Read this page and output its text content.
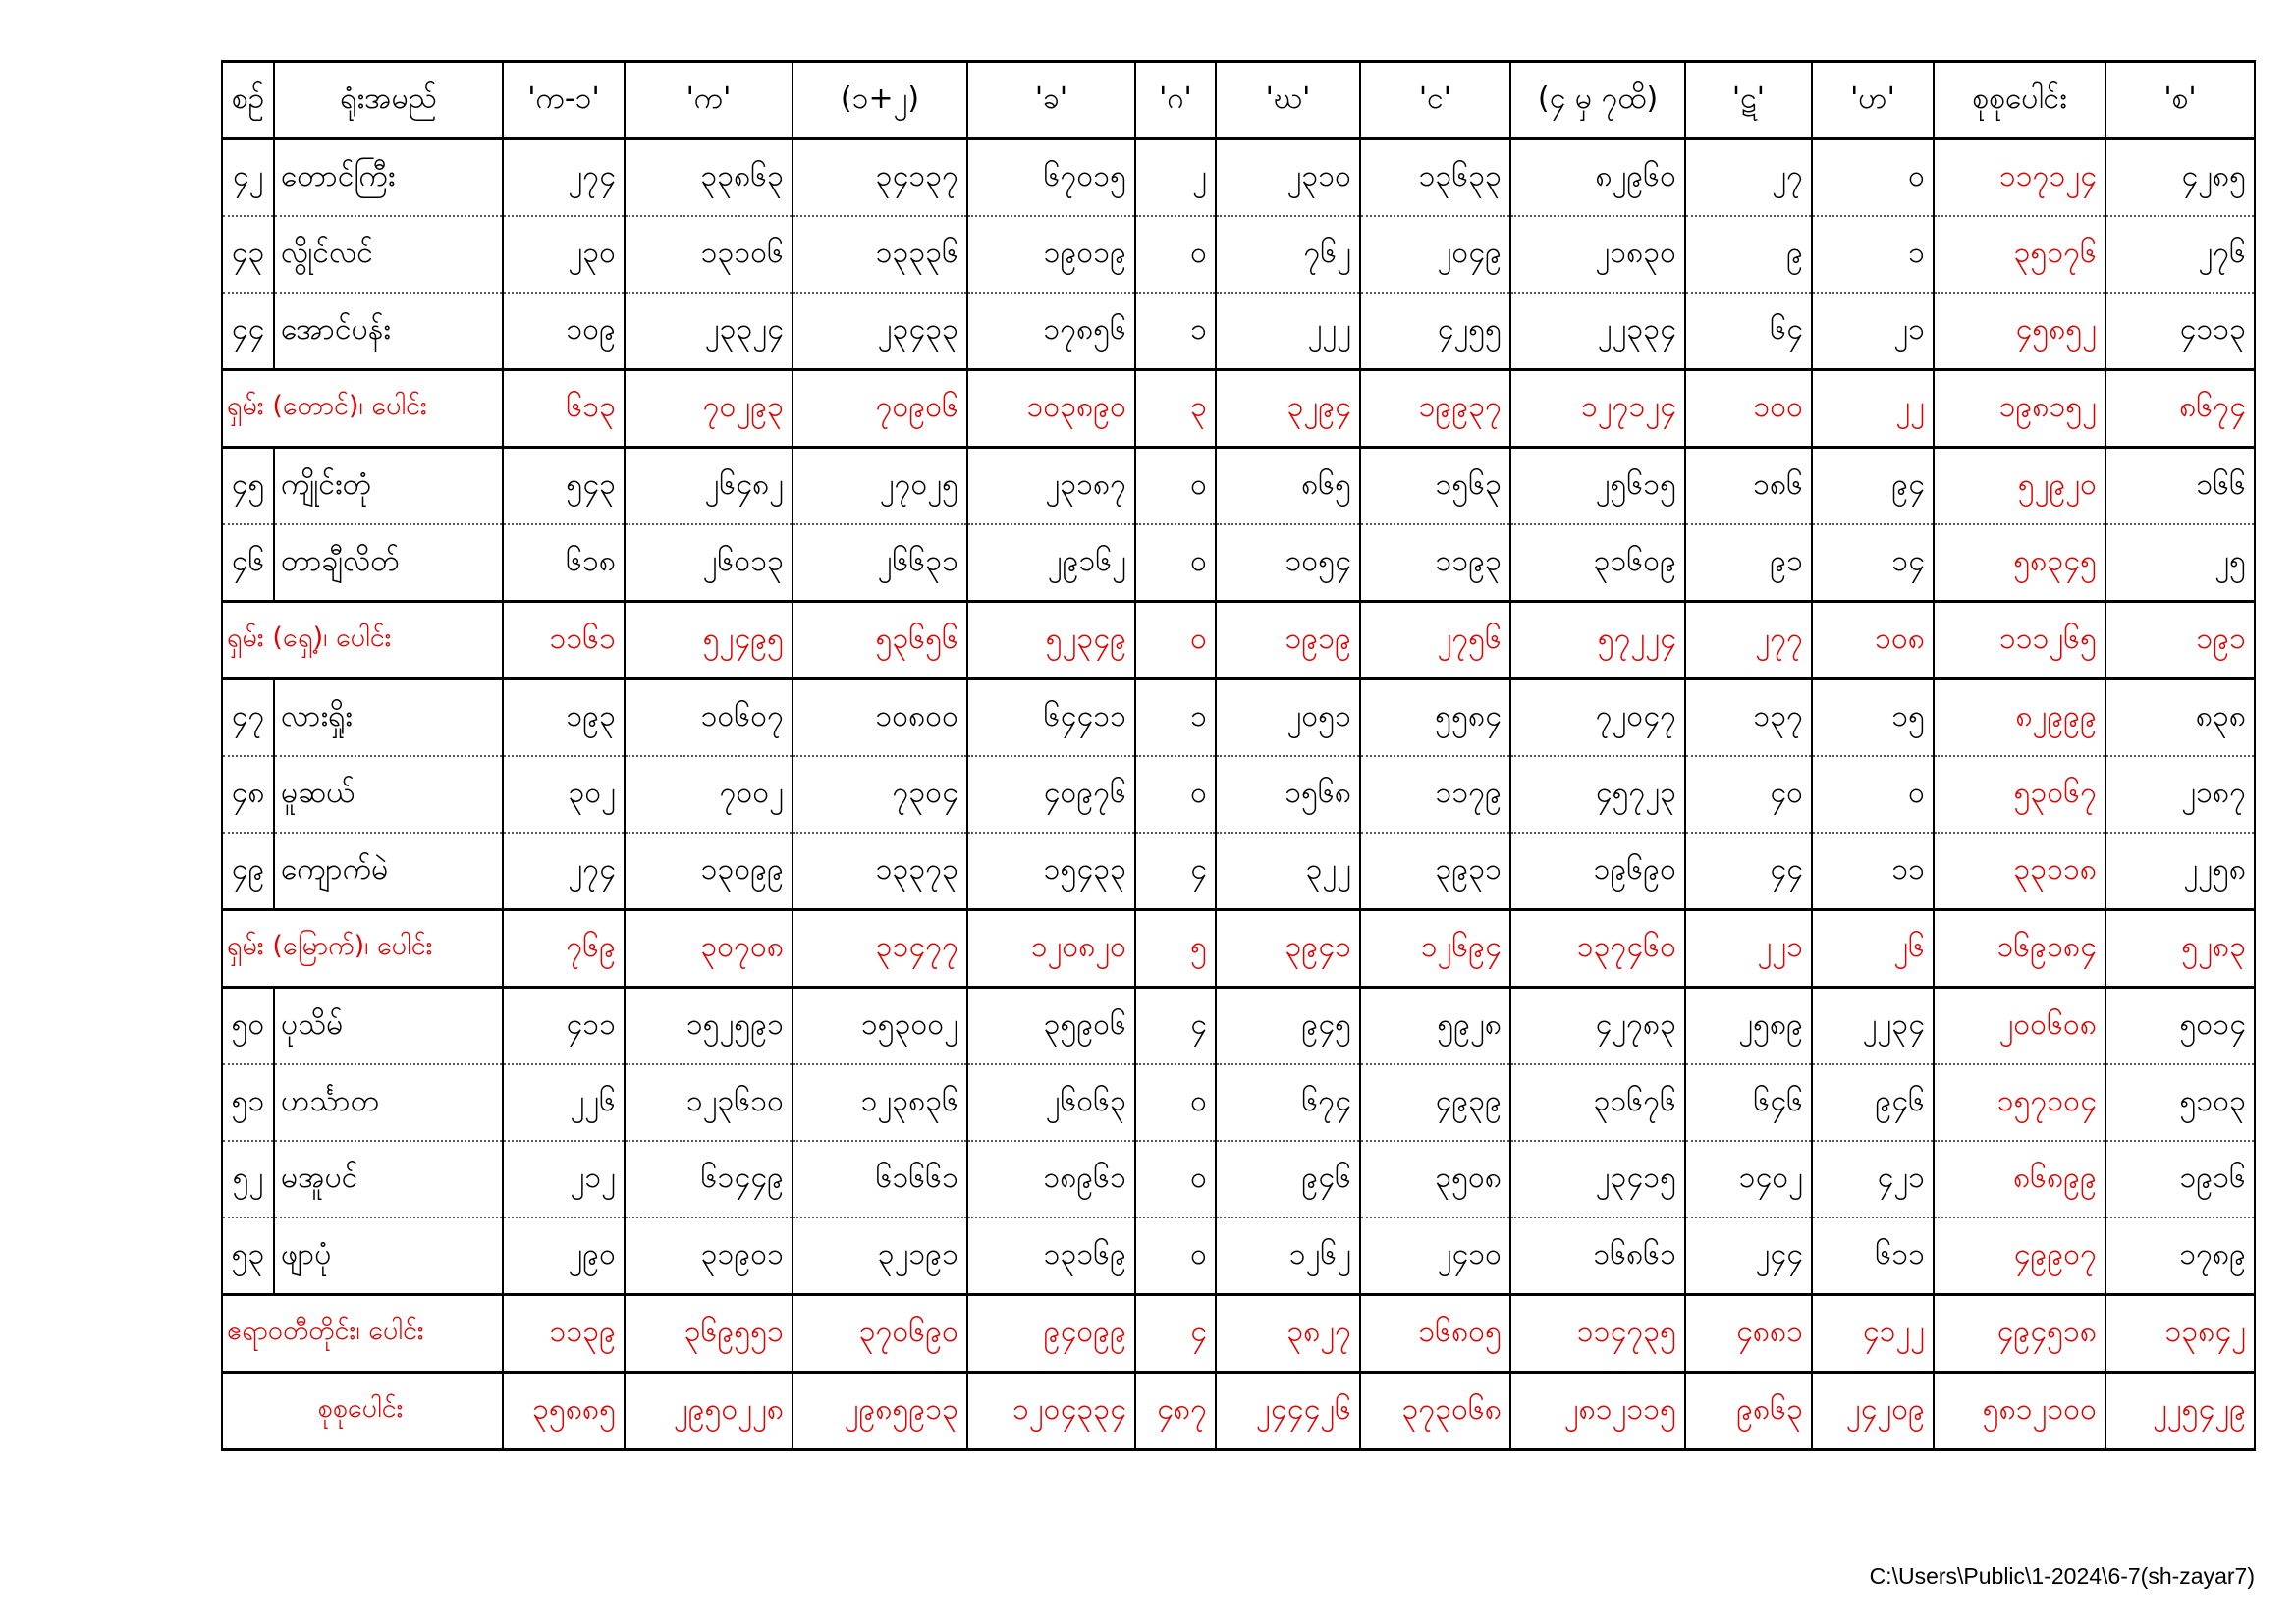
စဉ်	ရုံးအမည်	'က-၁'	'က'	(၁+၂)	'ခ'	'ဂ'	'ဃ'	'င'	(၄ မှ ၇ထိ)	'ဋ'	'ဟ'	စုစုပေါင်း	'စ'
၄၂	တောင်ကြီး	၂၇၄	၃၃၈၆၃	၃၄၁၃၇	၆၇၀၁၅	၂	၂၃၁၀	၁၃၆၃၃	၈၂၉၆၀	၂၇	၀	၁၁၇၁၂၄	၄၂၈၅
၄၃	လွိုင်လင်	၂၃၀	၁၃၁၀၆	၁၃၃၃၆	၁၉၀၁၉	၀	၇၆၂	၂၀၄၉	၂၁၈၃၀	၉	၁	၃၅၁၇၆	၂၇၆
၄၄	အောင်ပန်း	၁၀၉	၂၃၃၂၄	၂၃၄၃၃	၁၇၈၅၆	၁	၂၂၂	၄၂၅၅	၂၂၃၃၄	၆၄	၂၁	၄၅၈၅၂	၄၁၁၃
ရှမ်း (တောင်)၊ ပေါင်း		၆၁၃	၇၀၂၉၃	၇၀၉၀၆	၁၀၃၈၉၀	၃	၃၂၉၄	၁၉၉၃၇	၁၂၇၁၂၄	၁၀၀	၂၂	၁၉၈၁၅၂	၈၆၇၄
၄၅	ကျိုင်းတုံ	၅၄၃	၂၆၄၈၂	၂၇၀၂၅	၂၃၁၈၇	၀	၈၆၅	၁၅၆၃	၂၅၆၁၅	၁၈၆	၉၄	၅၂၉၂၀	၁၆၆
၄၆	တာချီလိတ်	၆၁၈	၂၆၀၁၃	၂၆၆၃၁	၂၉၁၆၂	၀	၁၀၅၄	၁၁၉၃	၃၁၆၀၉	၉၁	၁၄	၅၈၃၄၅	၂၅
ရှမ်း (ရှေ့)၊ ပေါင်း		၁၁၆၁	၅၂၄၉၅	၅၃၆၅၆	၅၂၃၄၉	၀	၁၉၁၉	၂၇၅၆	၅၇၂၂၄	၂၇၇	၁၀၈	၁၁၁၂၆၅	၁၉၁
၄၇	လားရှိုး	၁၉၃	၁၀၆၀၇	၁၀၈၀၀	၆၄၄၁၁	၁	၂၀၅၁	၅၅၈၄	၇၂၀၄၇	၁၃၇	၁၅	၈၂၉၉၉	၈၃၈
၄၈	မူဆယ်	၃၀၂	၇၀၀၂	၇၃၀၄	၄၀၉၇၆	၀	၁၅၆၈	၁၁၇၉	၄၅၇၂၃	၄၀	၀	၅၃၀၆၇	၂၁၈၇
၄၉	ကျောက်မဲ	၂၇၄	၁၃၀၉၉	၁၃၃၇၃	၁၅၄၃၃	၄	၃၂၂	၃၉၃၁	၁၉၆၉၀	၄၄	၁၁	၃၃၁၁၈	၂၂၅၈
ရှမ်း (မြောက်)၊ ပေါင်း		၇၆၉	၃၀၇၀၈	၃၁၄၇၇	၁၂၀၈၂၀	၅	၃၉၄၁	၁၂၆၉၄	၁၃၇၄၆၀	၂၂၁	၂၆	၁၆၉၁၈၄	၅၂၈၃
၅၀	ပုသိမ်	၄၁၁	၁၅၂၅၉၁	၁၅၃၀၀၂	၃၅၉၀၆	၄	၉၄၅	၅၉၂၈	၄၂၇၈၃	၂၅၈၉	၂၂၃၄	၂၀၀၆၀၈	၅၀၁၄
၅၁	ဟင်္သာတ	၂၂၆	၁၂၃၆၁၀	၁၂၃၈၃၆	၂၆၀၆၃	၀	၆၇၄	၄၉၃၉	၃၁၆၇၆	၆၄၆	၉၄၆	၁၅၇၁၀၄	၅၁၀၃
၅၂	မအူပင်	၂၁၂	၆၁၄၄၉	၆၁၆၆၁	၁၈၉၆၁	၀	၉၄၆	၃၅၀၈	၂၃၄၁၅	၁၄၀၂	၄၂၁	၈၆၈၉၉	၁၉၁၆
၅၃	ဖျာပုံ	၂၉၀	၃၁၉၀၁	၃၂၁၉၁	၁၃၁၆၉	၀	၁၂၆၂	၂၄၁၀	၁၆၈၆၁	၂၄၄	၆၁၁	၄၉၉၀၇	၁၇၈၉
ဧရာဝတီတိုင်း၊ ပေါင်း		၁၁၃၉	၃၆၉၅၅၁	၃၇၀၆၉၀	၉၄၀၉၉	၄	၃၈၂၇	၁၆၈၀၅	၁၁၄၇၃၅	၄၈၈၁	၄၁၂၂	၄၉၄၅၁၈	၁၃၈၄၂
စုစုပေါင်း		၃၅၈၈၅	၂၉၅၀၂၂၈	၂၉၈၅၉၁၃	၁၂၀၄၃၃၄	၄၈၇	၂၄၄၄၂၆	၃၇၃၀၆၈	၂၈၁၂၁၁၅	၉၈၆၃	၂၄၂၀၉	၅၈၁၂၁၀၀	၂၂၅၄၂၉
C:\Users\Public\1-2024\6-7(sh-zayar7)
